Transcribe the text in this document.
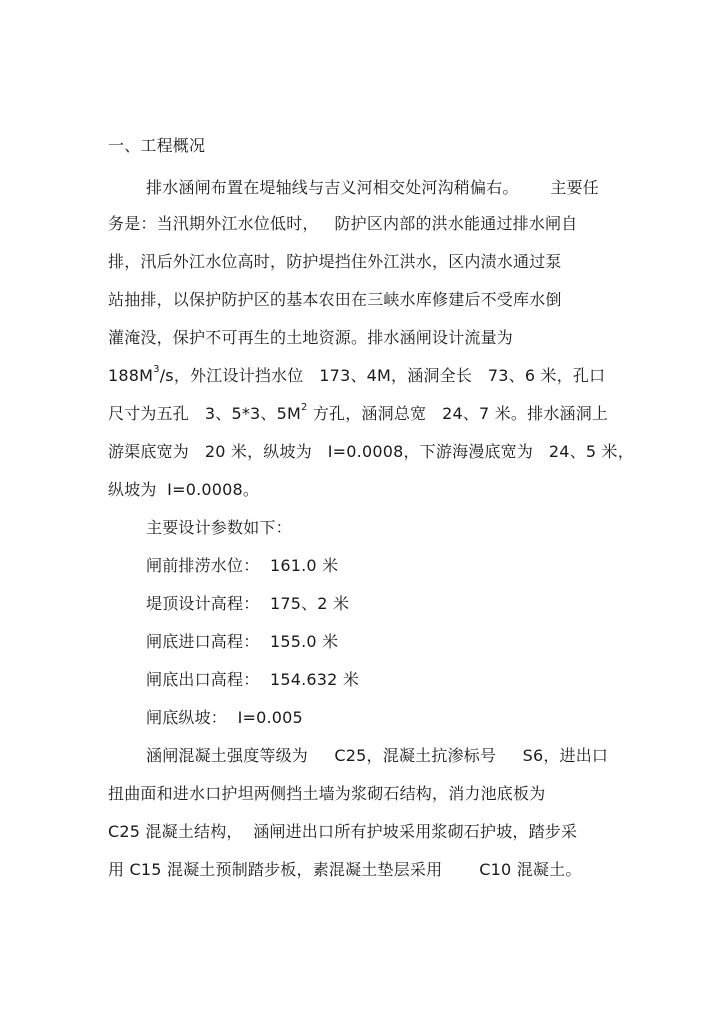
一、工程概况
排水涵闸布置在堤轴线与吉义河相交处河沟稍偏右。      主要任
务是：当汛期外江水位低时，   防护区内部的洪水能通过排水闸自
排，汛后外江水位高时，防护堤挡住外江洪水，区内渍水通过泵
站抽排，以保护防护区的基本农田在三峡水库修建后不受库水倒
灌淹没，保护不可再生的土地资源。排水涵闸设计流量为
$188M^3/s$，外江设计挡水位   173、4M，涵洞全长   73、6 米，孔口
尺寸为五孔   3、5*3、$5M^2$ 方孔，涵洞总宽   24、7 米。排水涵洞上
游渠底宽为   20 米，纵坡为   I=0.0008，下游海漫底宽为   24、5 米，
纵坡为  I=0.0008。
主要设计参数如下：
闸前排涝水位：  161.0 米
堤顶设计高程：  175、2 米
闸底进口高程：  155.0 米
闸底出口高程：  154.632 米
闸底纵坡：  I=0.005
涵闸混凝土强度等级为     C25，混凝土抗渗标号     S6，进出口
扭曲面和进水口护坦两侧挡土墙为浆砌石结构，消力池底板为
C25 混凝土结构，  涵闸进出口所有护坡采用浆砌石护坡，踏步采
用 C15 混凝土预制踏步板，素混凝土垫层采用       C10 混凝土。
